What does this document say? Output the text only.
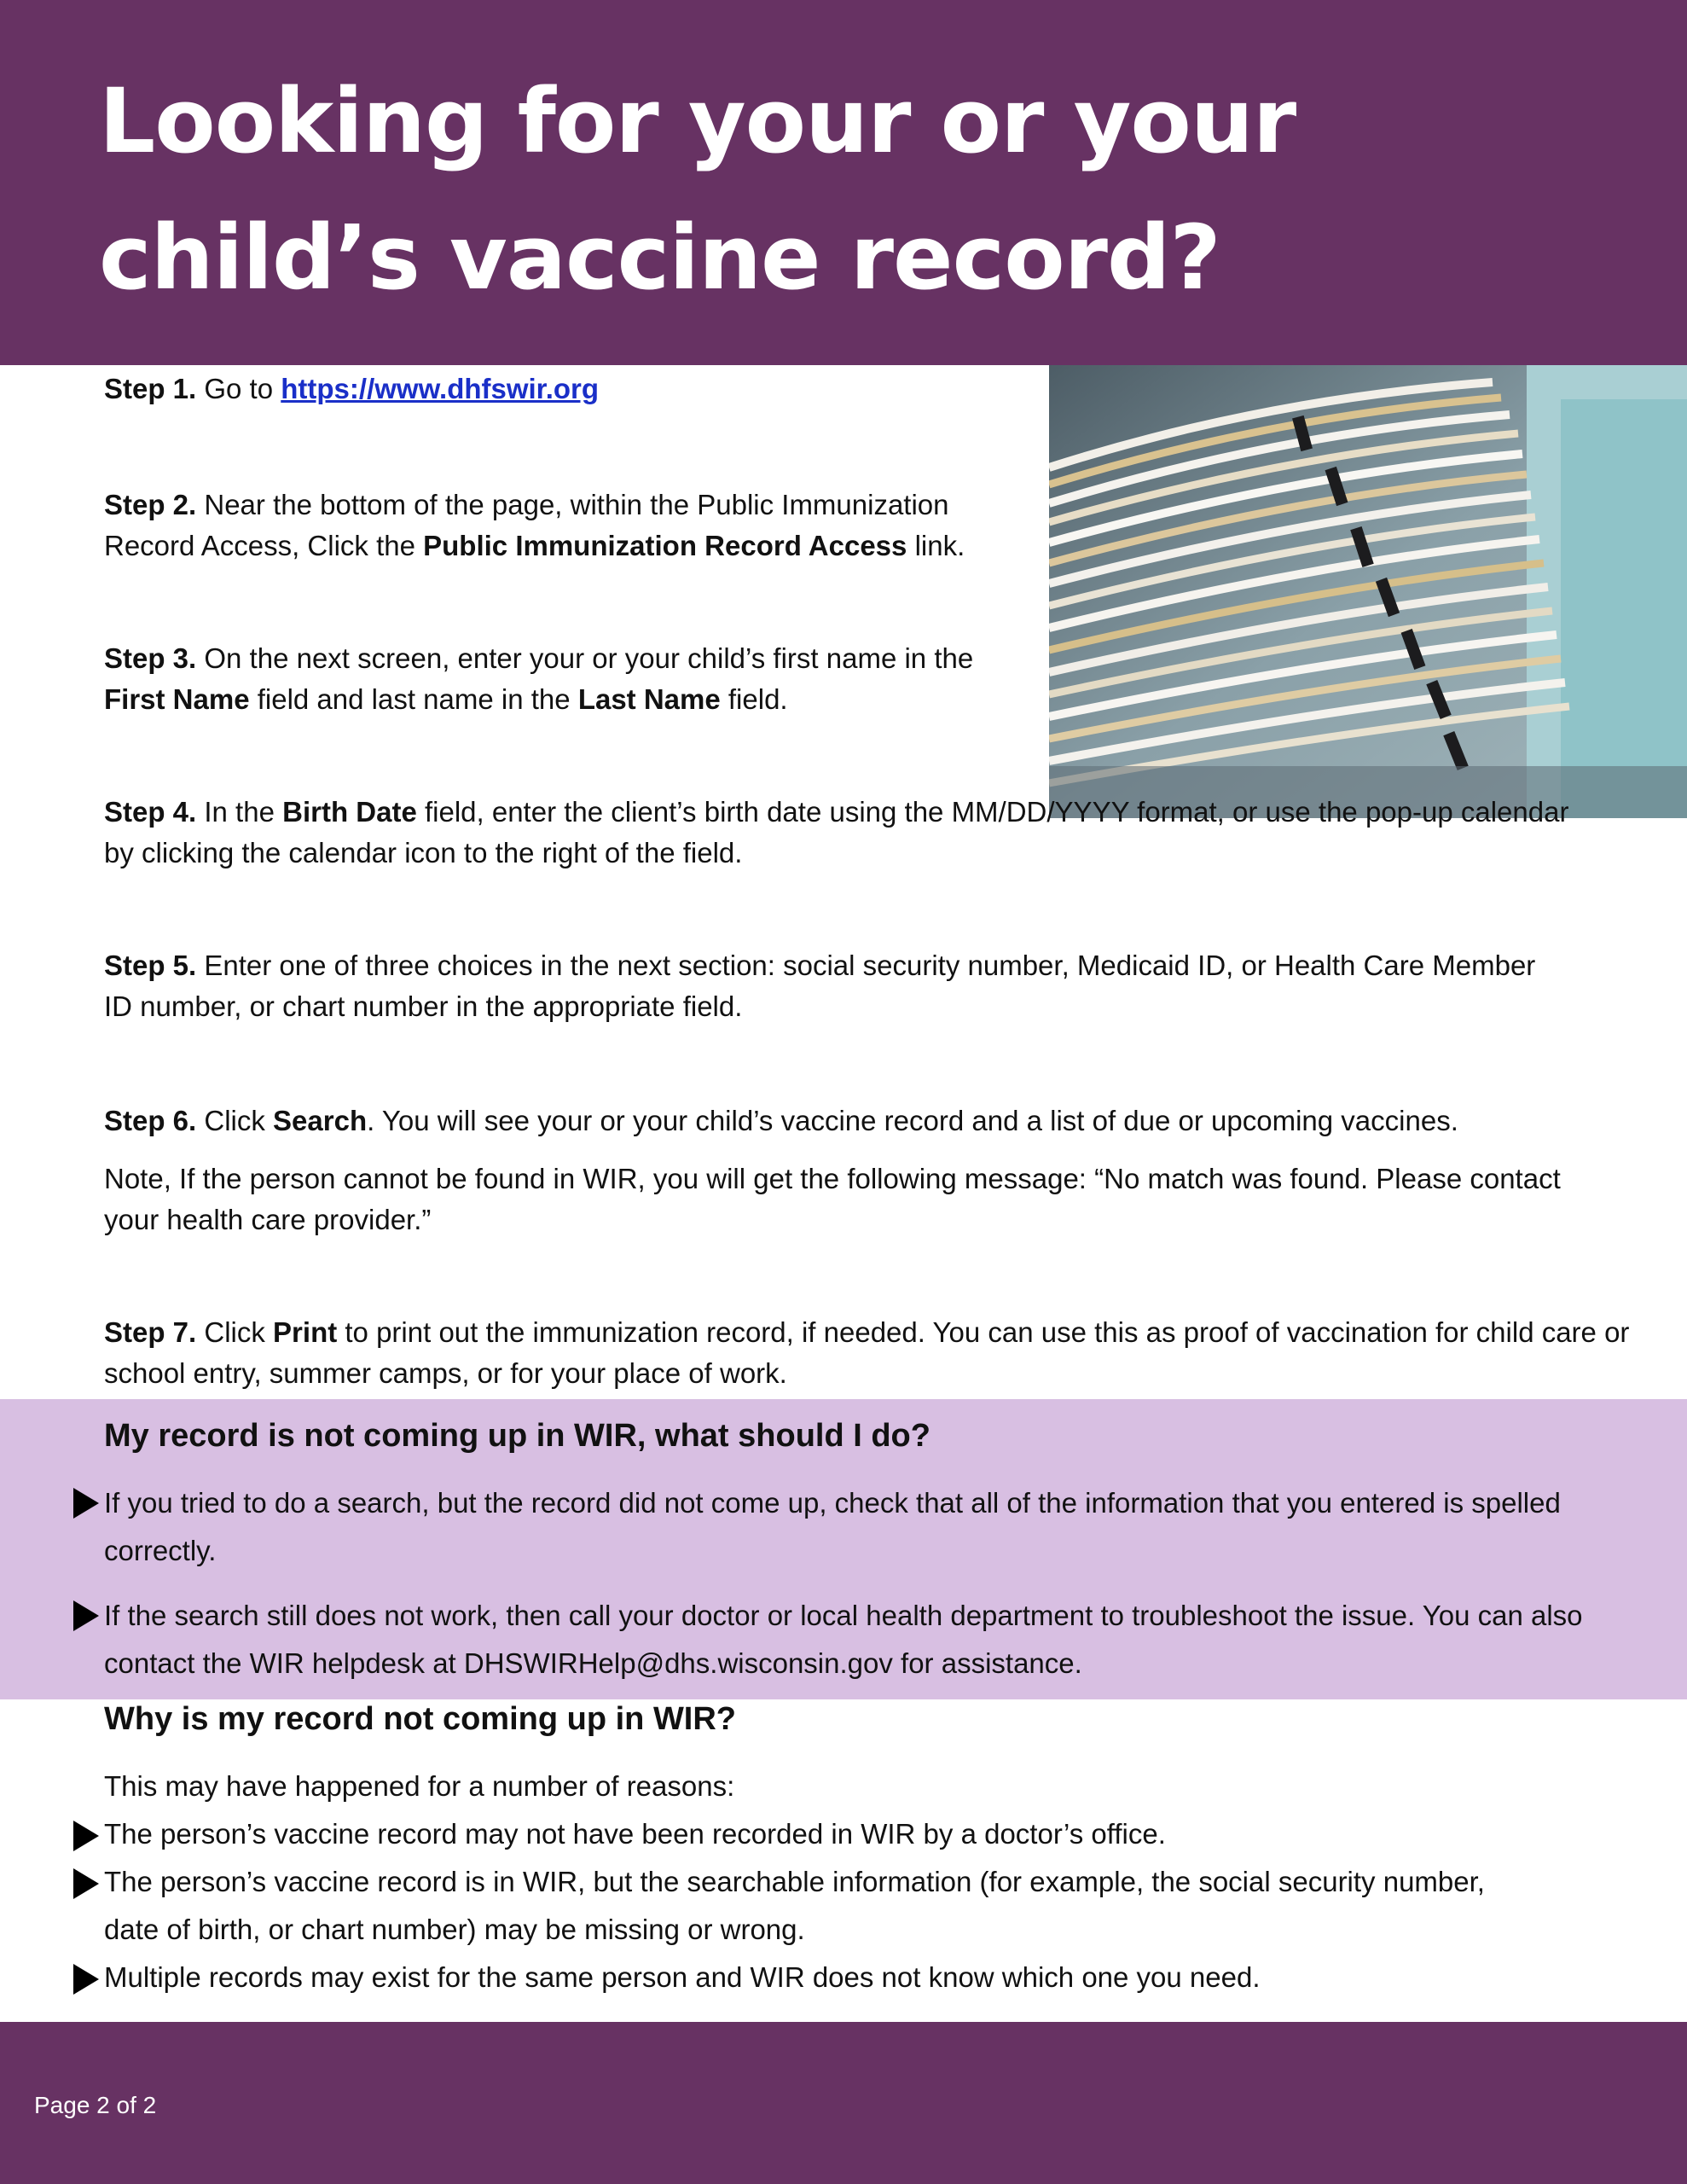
Looking for your or your child’s vaccine record?

Step 1. Go to https://www.dhfswir.org

Step 2. Near the bottom of the page, within the Public Immunization Record Access, Click the Public Immunization Record Access link.

Step 3. On the next screen, enter your or your child’s first name in the First Name field and last name in the Last Name field.

Step 4. In the Birth Date field, enter the client’s birth date using the MM/DD/YYYY format, or use the pop-up calendar by clicking the calendar icon to the right of the field.

Step 5. Enter one of three choices in the next section: social security number, Medicaid ID, or Health Care Member ID number, or chart number in the appropriate field.

Step 6. Click Search. You will see your or your child’s vaccine record and a list of due or upcoming vaccines.

Note, If the person cannot be found in WIR, you will get the following message: “No match was found. Please contact your health care provider.”

Step 7. Click Print to print out the immunization record, if needed. You can use this as proof of vaccination for child care or school entry, summer camps, or for your place of work.

My record is not coming up in WIR, what should I do?

If you tried to do a search, but the record did not come up, check that all of the information that you entered is spelled correctly.

If the search still does not work, then call your doctor or local health department to troubleshoot the issue. You can also contact the WIR helpdesk at DHSWIRHelp@dhs.wisconsin.gov for assistance.

Why is my record not coming up in WIR?

This may have happened for a number of reasons:

The person’s vaccine record may not have been recorded in WIR by a doctor’s office.

The person’s vaccine record is in WIR, but the searchable information (for example, the social security number, date of birth, or chart number) may be missing or wrong.

Multiple records may exist for the same person and WIR does not know which one you need.

Page 2 of 2
